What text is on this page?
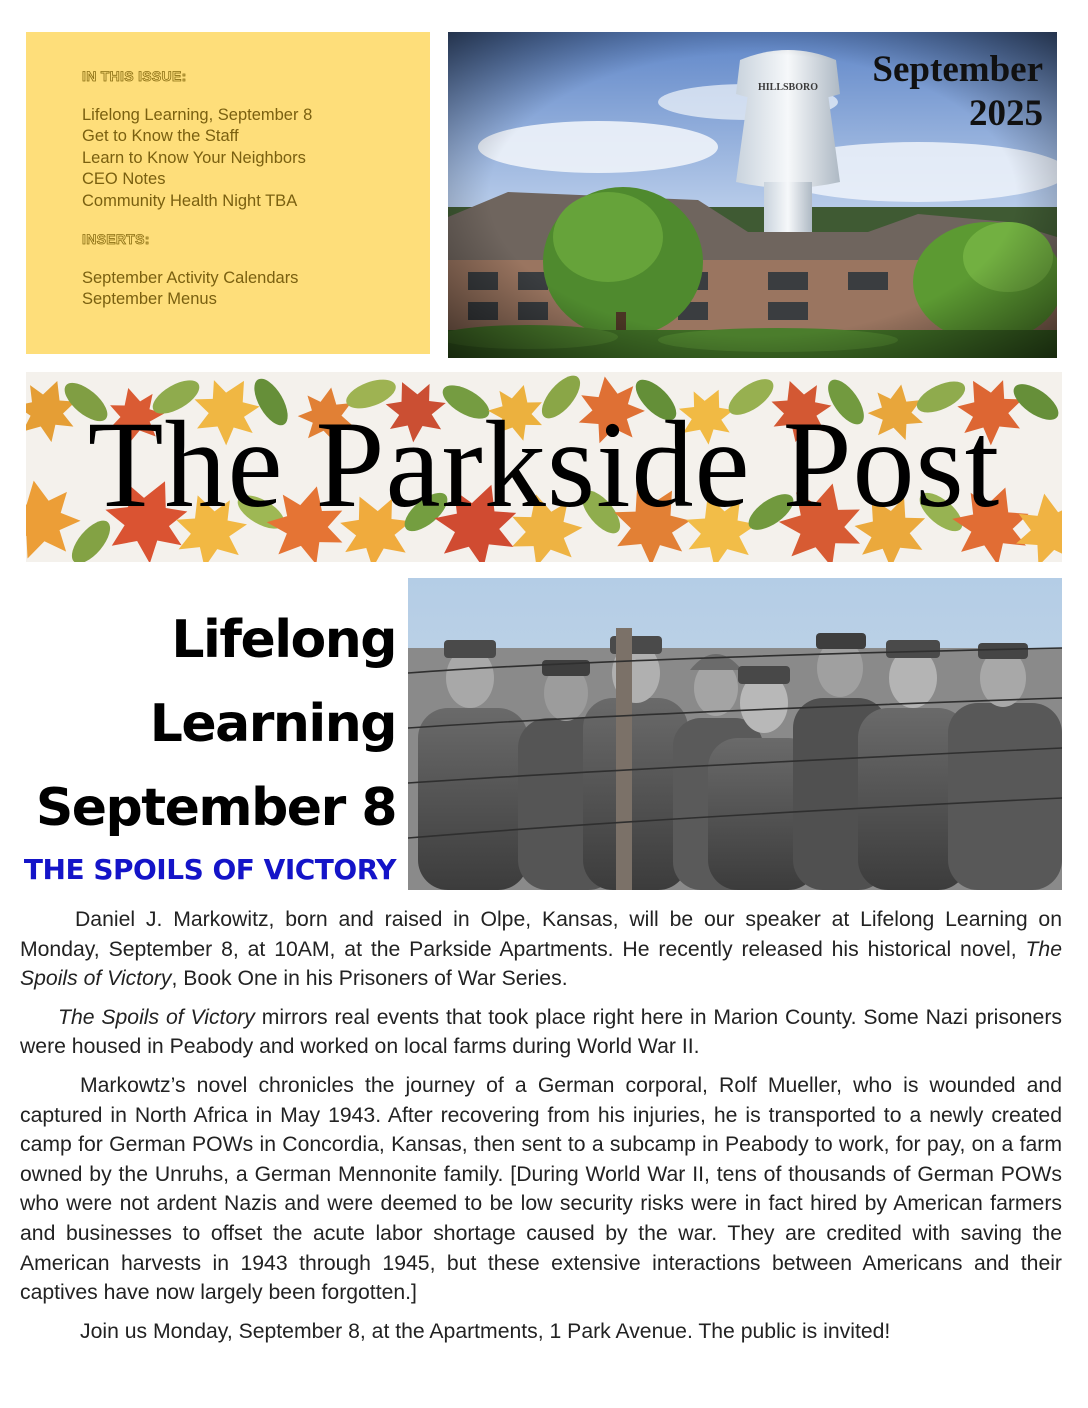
IN THIS ISSUE:
Lifelong Learning, September 8
Get to Know the Staff
Learn to Know Your Neighbors
CEO Notes
Community Health Night TBA
INSERTS:
September Activity Calendars
September Menus
September
2025
The Parkside Post
Lifelong
Learning
September 8
THE SPOILS OF VICTORY

Daniel J. Markowitz, born and raised in Olpe, Kansas, will be our speaker at Lifelong Learning on Monday, September 8, at 10AM, at the Parkside Apartments. He recently released his historical novel, The Spoils of Victory, Book One in his Prisoners of War Series.

The Spoils of Victory mirrors real events that took place right here in Marion County. Some Nazi prisoners were housed in Peabody and worked on local farms during World War II.

Markowtz’s novel chronicles the journey of a German corporal, Rolf Mueller, who is wounded and captured in North Africa in May 1943. After recovering from his injuries, he is transported to a newly created camp for German POWs in Concordia, Kansas, then sent to a subcamp in Peabody to work, for pay, on a farm owned by the Unruhs, a German Mennonite family. [During World War II, tens of thousands of German POWs who were not ardent Nazis and were deemed to be low security risks were in fact hired by American farmers and businesses to offset the acute labor shortage caused by the war. They are credited with saving the American harvests in 1943 through 1945, but these extensive interactions between Americans and their captives have now largely been forgotten.]

Join us Monday, September 8, at the Apartments, 1 Park Avenue. The public is invited!
